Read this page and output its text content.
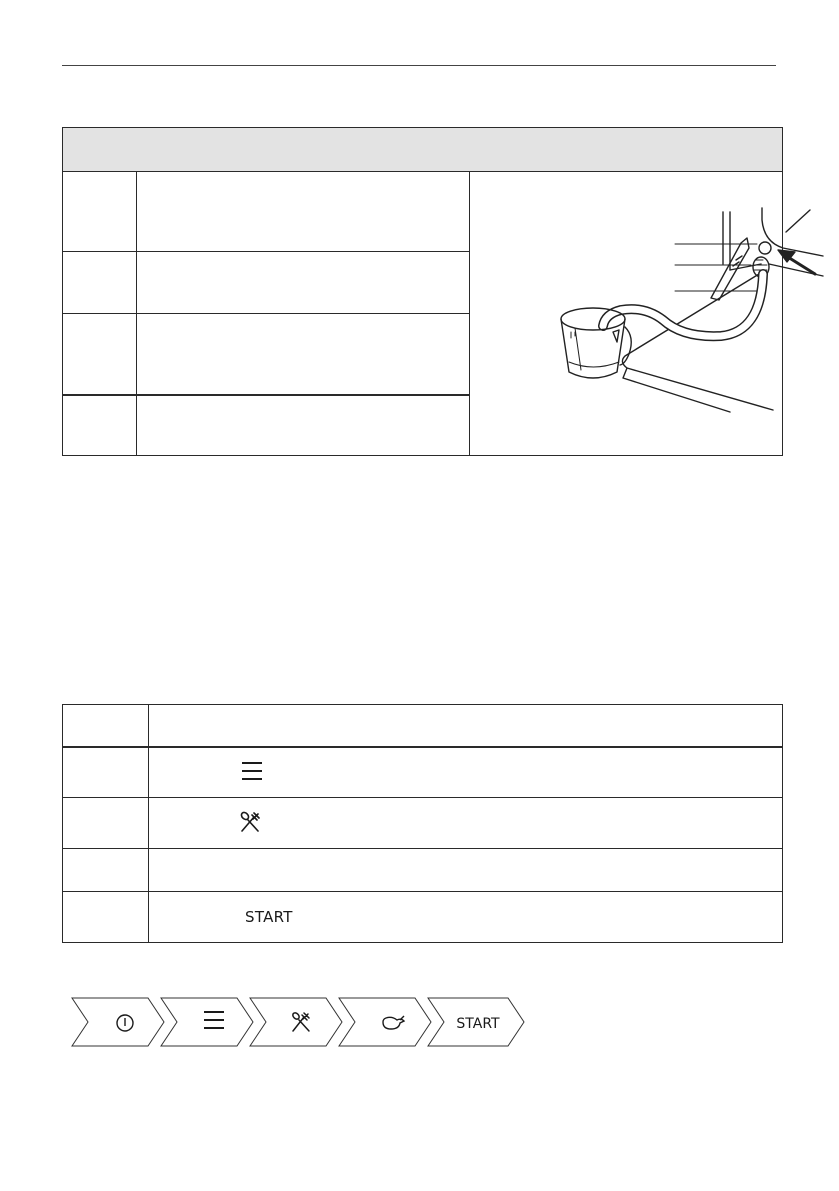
START
START
